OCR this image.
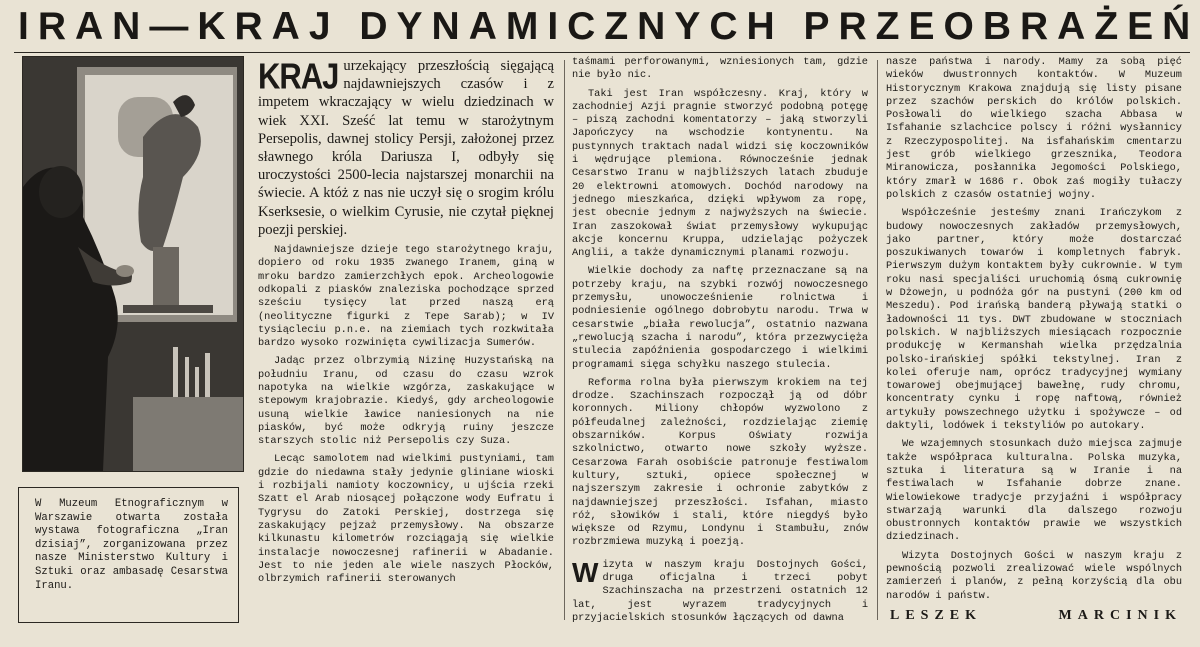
IRAN—KRAJ DYNAMICZNYCH PRZEOBRAŻEŃ

W Muzeum Etnograficznym w Warszawie otwarta została wystawa fotograficzna „Iran dzisiaj”, zorganizowana przez nasze Ministerstwo Kultury i Sztuki oraz ambasadę Cesarstwa Iranu.

KRAJ urzekający przeszłością sięgającą najdawniejszych czasów i z impetem wkraczający w wielu dziedzinach w wiek XXI. Sześć lat temu w starożytnym Persepolis, dawnej stolicy Persji, założonej przez sławnego króla Dariusza I, odbyły się uroczystości 2500-lecia najstarszej monarchii na świecie. A któż z nas nie uczył się o srogim królu Kserksesie, o wielkim Cyrusie, nie czytał pięknej poezji perskiej.

Najdawniejsze dzieje tego starożytnego kraju, dopiero od roku 1935 zwanego Iranem, giną w mroku bardzo zamierzchłych epok. Archeologowie odkopali z piasków znaleziska pochodzące sprzed sześciu tysięcy lat przed naszą erą (neolityczne figurki z Tepe Sarab); w IV tysiącleciu p.n.e. na ziemiach tych rozkwitała bardzo wysoko rozwinięta cywilizacja Sumerów.

Jadąc przez olbrzymią Nizinę Huzystańską na południu Iranu, od czasu do czasu wzrok napotyka na wielkie wzgórza, zaskakujące w stepowym krajobrazie. Kiedyś, gdy archeologowie usuną wielkie ławice naniesionych na nie piasków, być może odkryją ruiny jeszcze starszych stolic niż Persepolis czy Suza.

Lecąc samolotem nad wielkimi pustyniami, tam gdzie do niedawna stały jedynie gliniane wioski i rozbijali namioty koczownicy, u ujścia rzeki Szatt el Arab niosącej połączone wody Eufratu i Tygrysu do Zatoki Perskiej, dostrzega się zaskakujący pejzaż przemysłowy. Na obszarze kilkunastu kilometrów rozciągają się wielkie instalacje nowoczesnej rafinerii w Abadanie. Jest to nie jeden ale wiele naszych Płocków, olbrzymich rafinerii sterowanych

taśmami perforowanymi, wzniesionych tam, gdzie nie było nic.

Taki jest Iran współczesny. Kraj, który w zachodniej Azji pragnie stworzyć podobną potęgę – piszą zachodni komentatorzy – jaką stworzyli Japończycy na wschodzie kontynentu. Na pustynnych traktach nadal widzi się koczowników i wędrujące plemiona. Równocześnie jednak Cesarstwo Iranu w najbliższych latach zbuduje 20 elektrowni atomowych. Dochód narodowy na jednego mieszkańca, dzięki wpływom za ropę, jest obecnie jednym z najwyższych na świecie. Iran zaszokował świat przemysłowy wykupując akcje koncernu Kruppa, udzielając pożyczek Anglii, a także dynamicznymi planami rozwoju.

Wielkie dochody za naftę przeznaczane są na potrzeby kraju, na szybki rozwój nowoczesnego przemysłu, unowocześnienie rolnictwa i podniesienie ogólnego dobrobytu narodu. Trwa w cesarstwie „biała rewolucja”, ostatnio nazwana „rewolucją szacha i narodu”, która przezwycięża stulecia zapóźnienia gospodarczego i wielkimi programami sięga schyłku naszego stulecia.

Reforma rolna była pierwszym krokiem na tej drodze. Szachinszach rozpoczął ją od dóbr koronnych. Miliony chłopów wyzwolono z półfeudalnej zależności, rozdzielając ziemię obszarników. Korpus Oświaty rozwija szkolnictwo, otwarto nowe szkoły wyższe. Cesarzowa Farah osobiście patronuje festiwalom kultury, sztuki, opiece społecznej w najszerszym zakresie i ochronie zabytków z najdawniejszej przeszłości. Isfahan, miasto róż, słowików i stali, które niegdyś było większe od Rzymu, Londynu i Stambułu, znów rozbrzmiewa muzyką i poezją.

Wizyta w naszym kraju Dostojnych Gości, druga oficjalna i trzeci pobyt Szachinszacha na przestrzeni ostatnich 12 lat, jest wyrazem tradycyjnych i przyjacielskich stosunków łączących od dawna

nasze państwa i narody. Mamy za sobą pięć wieków dwustronnych kontaktów. W Muzeum Historycznym Krakowa znajdują się listy pisane przez szachów perskich do królów polskich. Posłowali do wielkiego szacha Abbasa w Isfahanie szlachcice polscy i różni wysłannicy z Rzeczypospolitej. Na isfahańskim cmentarzu jest grób wielkiego grzesznika, Teodora Miranowicza, posłannika Jegomości Polskiego, który zmarł w 1686 r. Obok zaś mogiły tułaczy polskich z czasów ostatniej wojny.

Współcześnie jesteśmy znani Irańczykom z budowy nowoczesnych zakładów przemysłowych, jako partner, który może dostarczać poszukiwanych towarów i kompletnych fabryk. Pierwszym dużym kontaktem były cukrownie. W tym roku nasi specjaliści uruchomią ósmą cukrownię w Dżowejn, u podnóża gór na pustyni (200 km od Meszedu). Pod irańską banderą pływają statki o ładowności 11 tys. DWT zbudowane w stoczniach polskich. W najbliższych miesiącach rozpocznie produkcję w Kermanshah wielka przędzalnia polsko-irańskiej spółki tekstylnej. Iran z kolei oferuje nam, oprócz tradycyjnej wymiany towarowej obejmującej bawełnę, rudy chromu, koncentraty cynku i ropę naftową, również artykuły powszechnego użytku i spożywcze – od daktyli, lodówek i tekstyliów po autokary.

We wzajemnych stosunkach dużo miejsca zajmuje także współpraca kulturalna. Polska muzyka, sztuka i literatura są w Iranie i na festiwalach w Isfahanie dobrze znane. Wielowiekowe tradycje przyjaźni i współpracy stwarzają warunki dla dalszego rozwoju obustronnych kontaktów prawie we wszystkich dziedzinach.

Wizyta Dostojnych Gości w naszym kraju z pewnością pozwoli zrealizować wiele wspólnych zamierzeń i planów, z pełną korzyścią dla obu narodów i państw.

LESZEK MARCINIK
